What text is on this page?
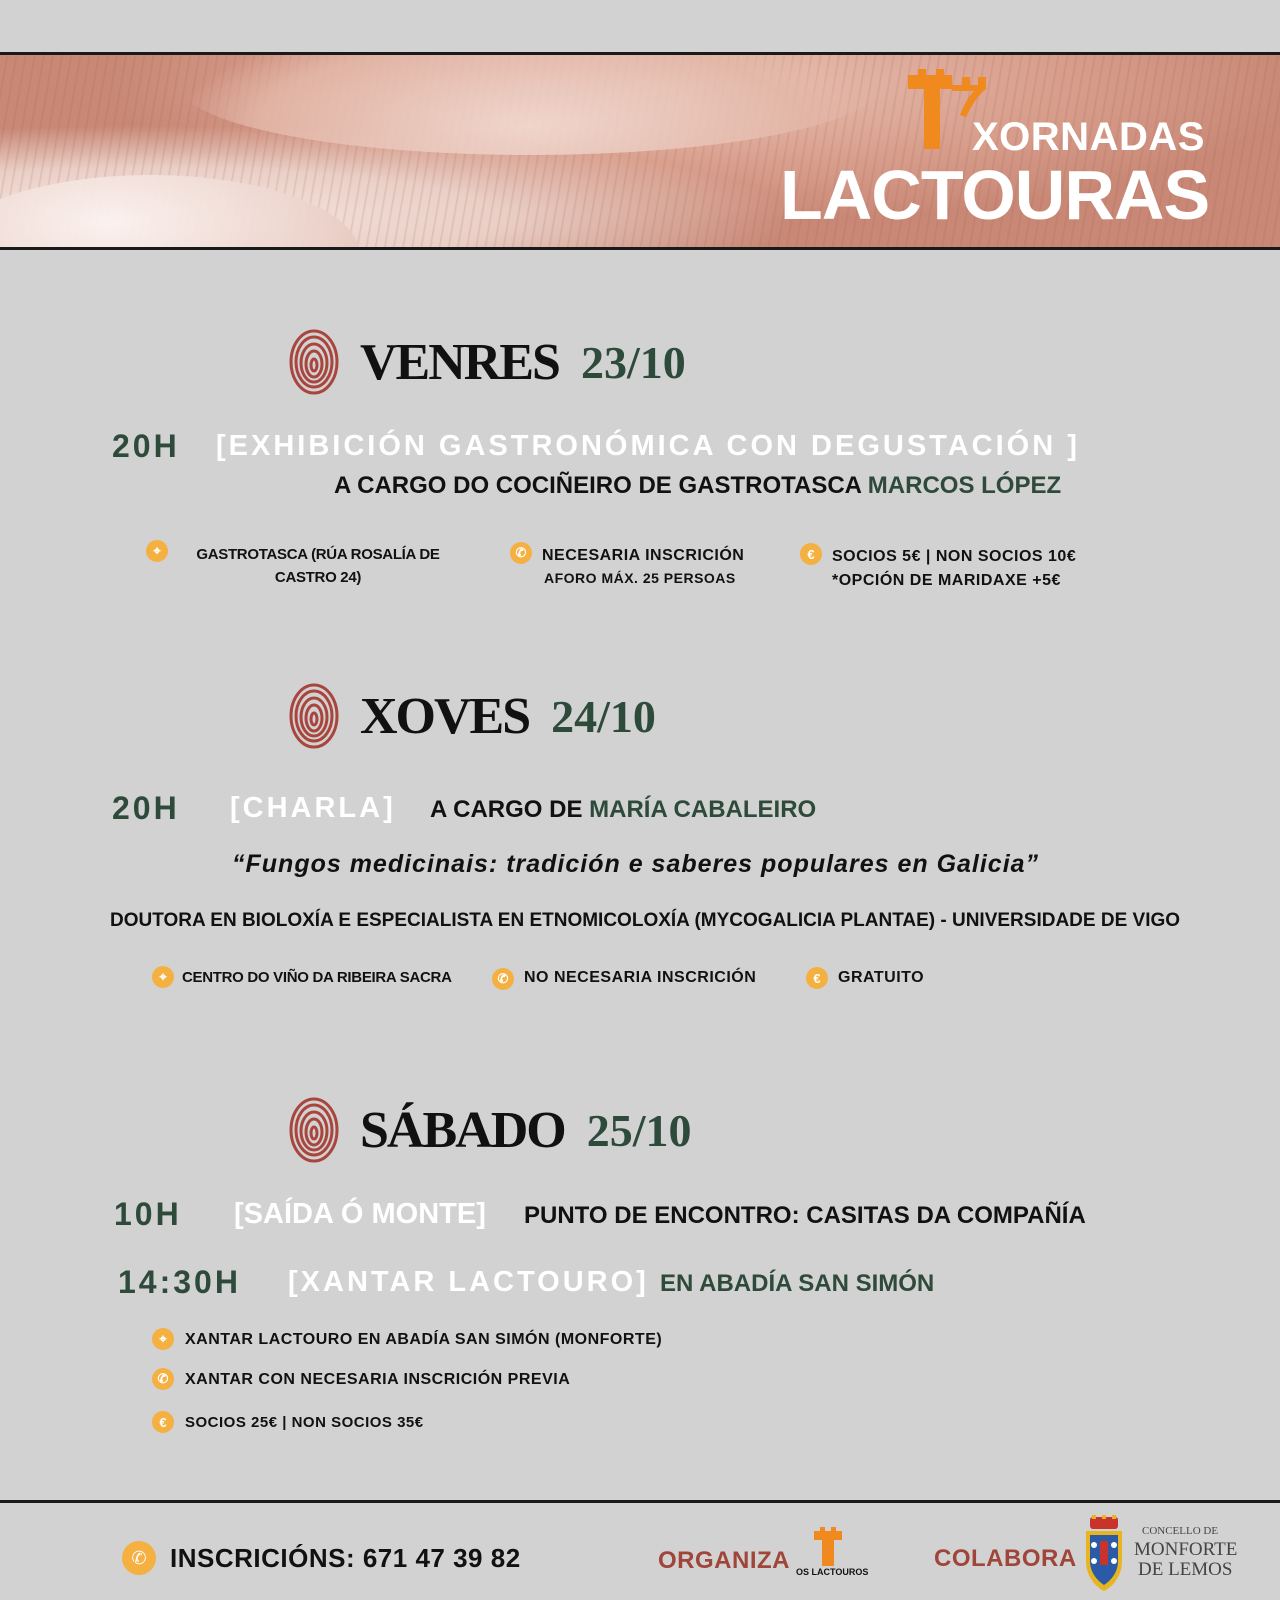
XORNADAS
LACTOURAS
VENRES 23/10
20H [EXHIBICIÓN GASTRONÓMICA CON DEGUSTACIÓN ]
A CARGO DO COCIÑEIRO DE GASTROTASCA MARCOS LÓPEZ
⌖	GASTROTASCA (RÚA ROSALÍA DE
CASTRO 24)
✆ NECESARIA INSCRICIÓN
AFORO MÁX. 25 PERSOAS
€	SOCIOS 5€ | NON SOCIOS 10€
*OPCIÓN DE MARIDAXE +5€
XOVES 24/10
20H [CHARLA] A CARGO DE MARÍA CABALEIRO
“Fungos medicinais: tradición e saberes populares en Galicia”
DOUTORA EN BIOLOXÍA E ESPECIALISTA EN ETNOMICOLOXÍA (MYCOGALICIA PLANTAE) - UNIVERSIDADE DE VIGO
⌖	CENTRO DO VIÑO DA RIBEIRA SACRA	✆ NO NECESARIA INSCRICIÓN	€	GRATUITO
SÁBADO 25/10
10H [SAÍDA Ó MONTE] PUNTO DE ENCONTRO: CASITAS DA COMPAÑÍA
14:30H [XANTAR LACTOURO] EN ABADÍA SAN SIMÓN
⌖	XANTAR LACTOURO EN ABADÍA SAN SIMÓN (MONFORTE)
✆	XANTAR CON NECESARIA INSCRICIÓN PREVIA
€	SOCIOS 25€ | NON SOCIOS 35€
✆ INSCRICIÓNS: 671 47 39 82	ORGANIZA OS LACTOUROS	COLABORA
CONCELLO DE
MONFORTE
DE LEMOS
